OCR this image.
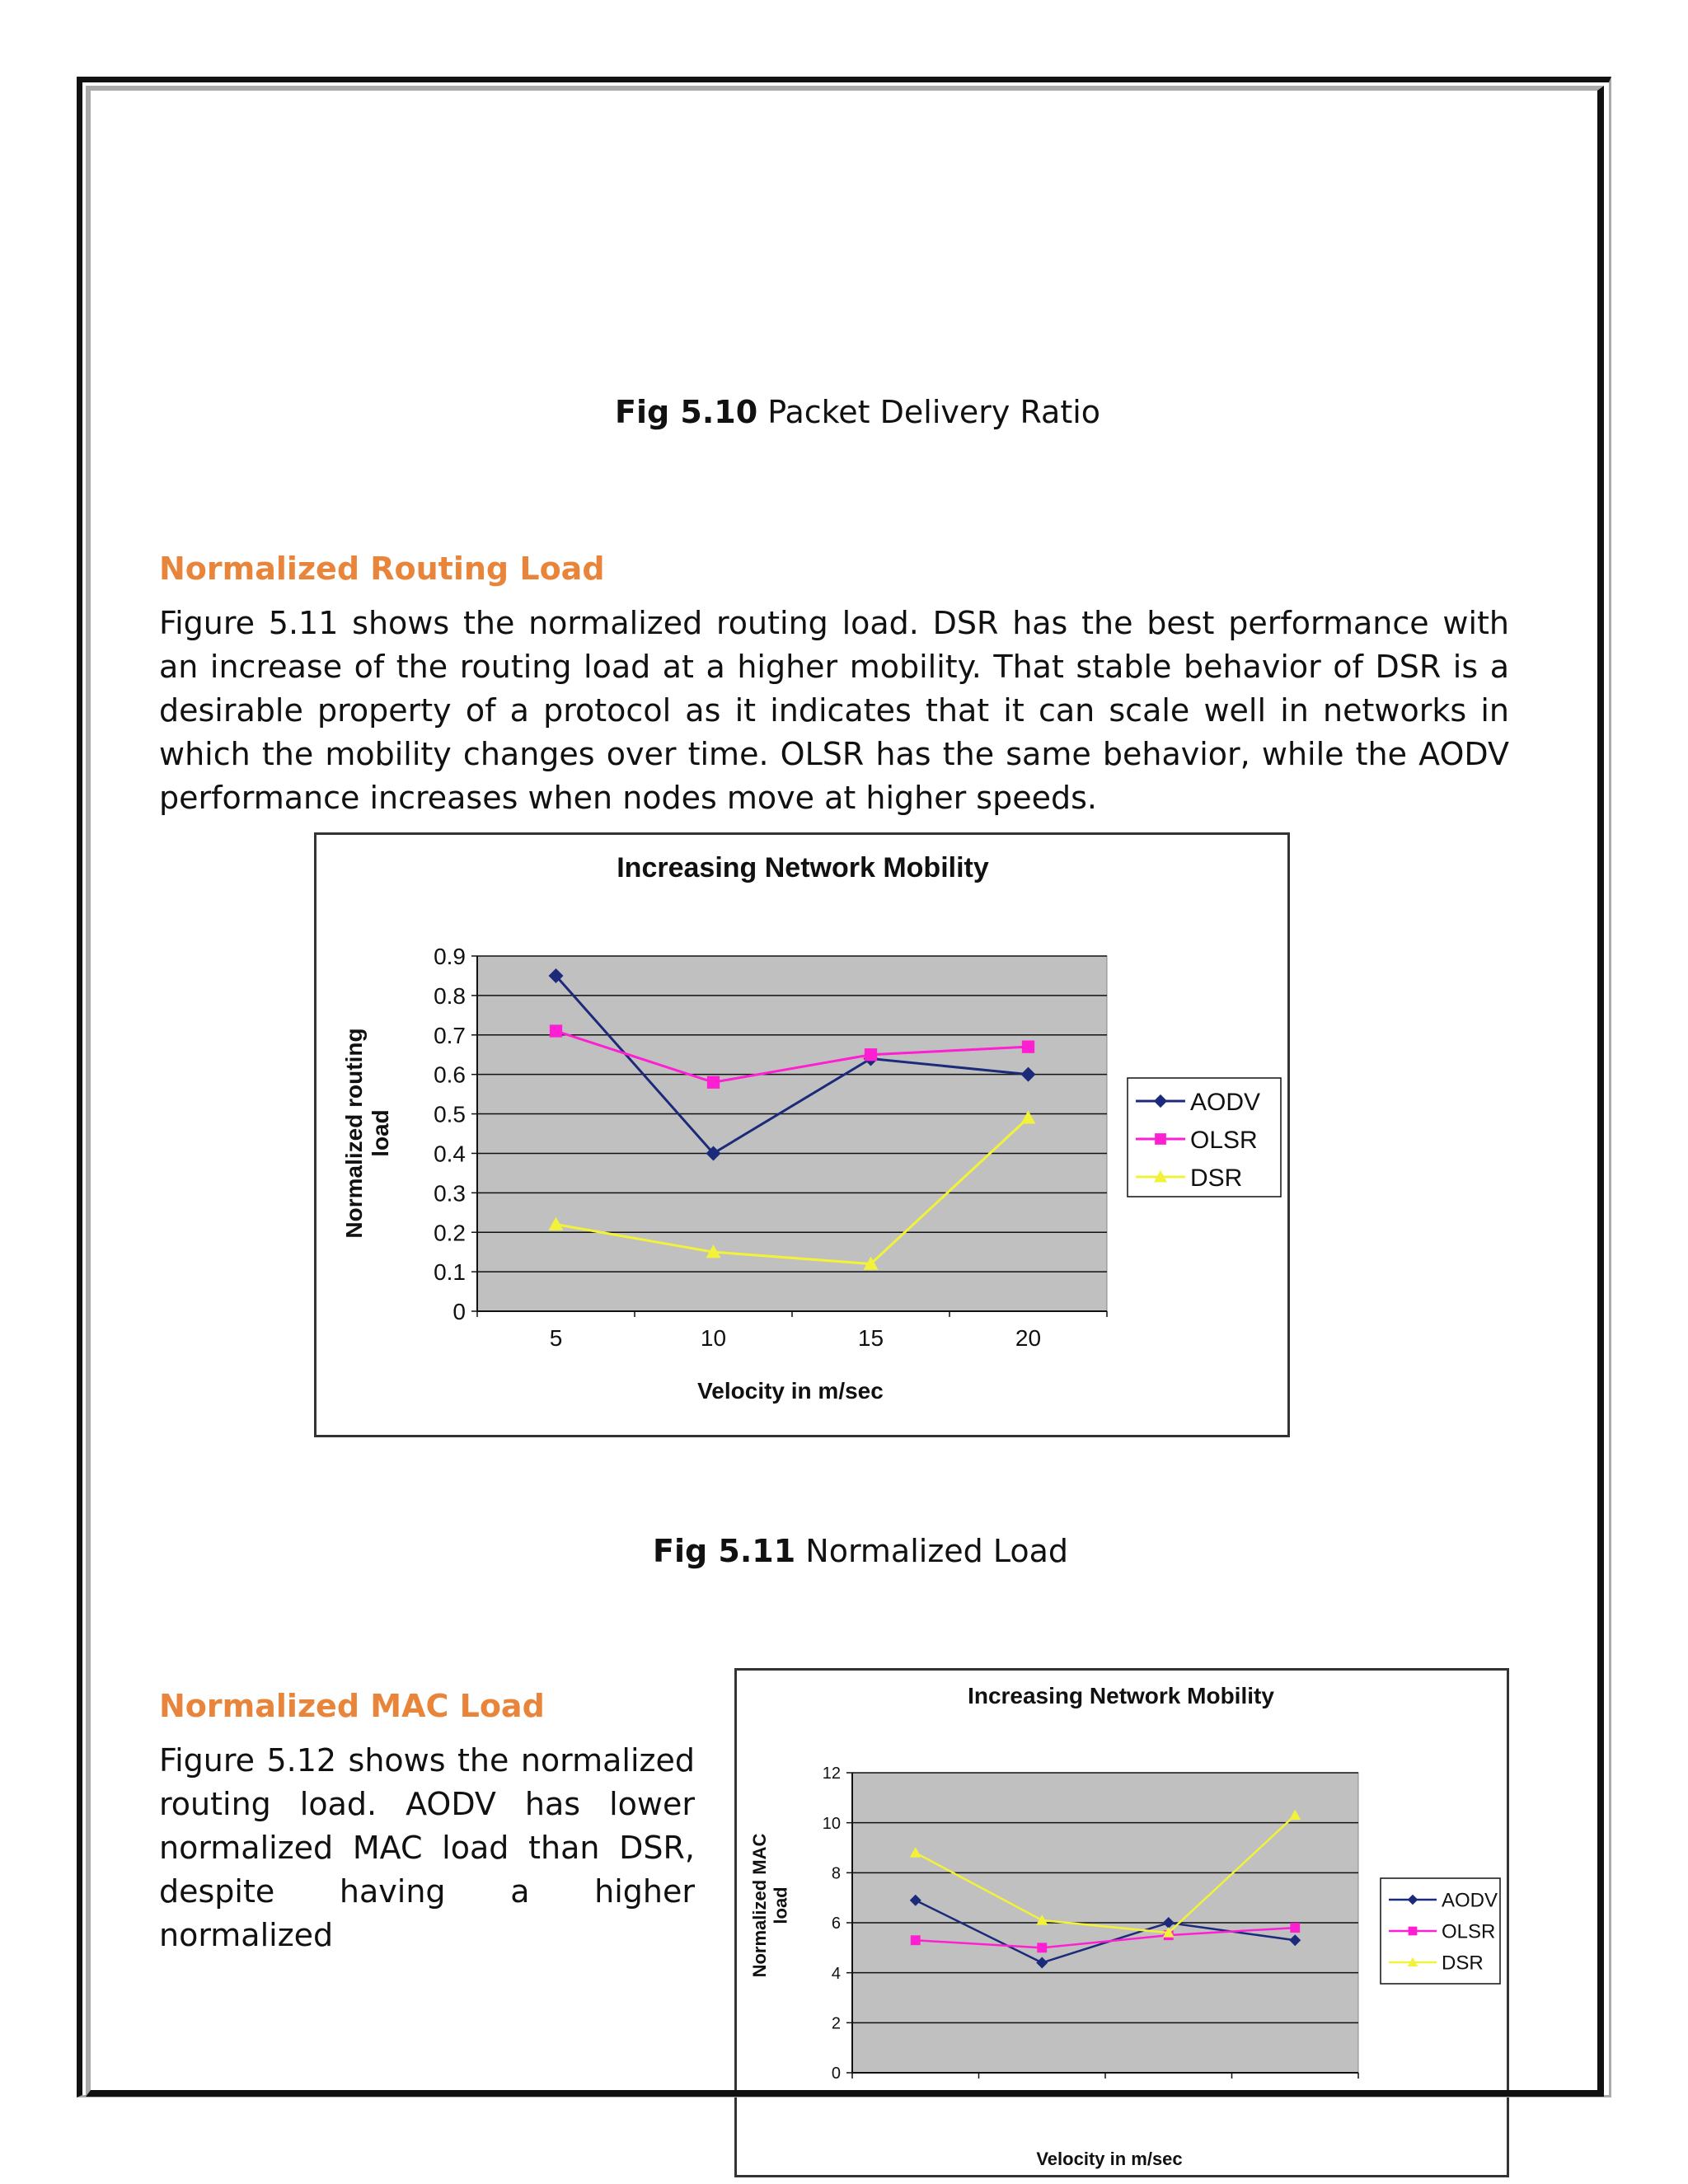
Fig 5.10 Packet Delivery Ratio
Normalized Routing Load

Figure 5.11 shows the normalized routing load. DSR has the best performance with an increase of the routing load at a higher mobility. That stable behavior of DSR is a desirable property of a protocol as it indicates that it can scale well in networks in which the mobility changes over time. OLSR has the same behavior, while the AODV performance increases when nodes move at higher speeds.

Increasing Network Mobility
0
0.1
0.2
0.3
0.4
0.5
0.6
0.7
0.8
0.9
5	10	15	20
Velocity in m/sec
Normalized routingload
AODV
OLSR
DSR
Fig 5.11 Normalized Load
Normalized MAC Load

Figure 5.12 shows the normalized routing load. AODV has lower normalized MAC load than DSR, despite having a higher normalized

Increasing Network Mobility
0
2
4
6
8
10
12
Velocity in m/sec
Normalized MACload	AODV
OLSR
DSR
